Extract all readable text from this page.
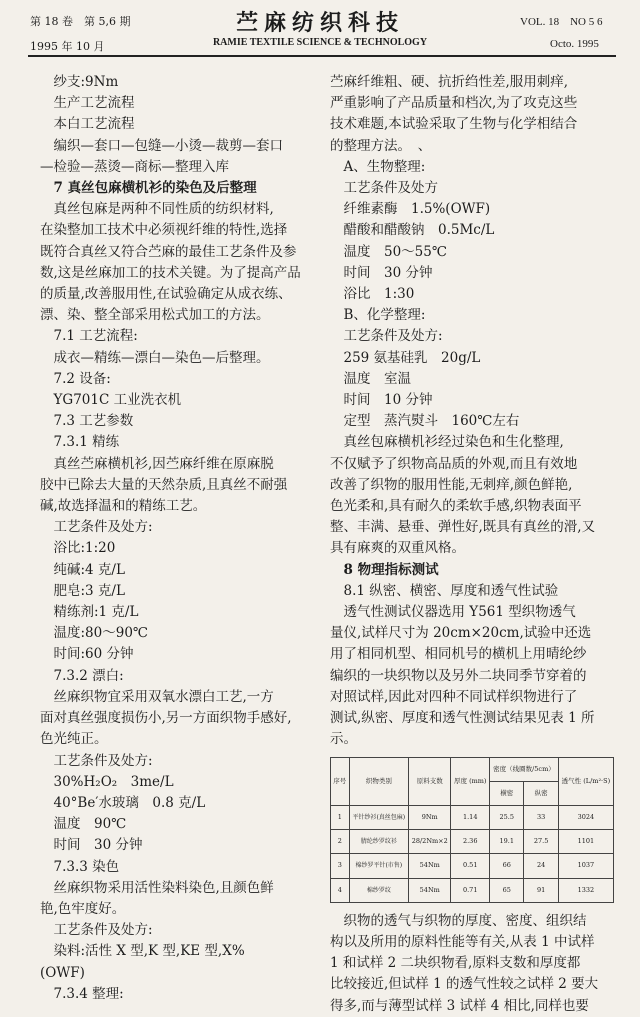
第 18 卷　第 5,6 期
1995 年 10 月
苎麻纺织科技
RAMIE TEXTILE SCIENCE & TECHNOLOGY
VOL. 18　NO 5 6
Octo. 1995

　纱支:9Nm

　生产工艺流程

　本白工艺流程

　编织—套口—包缝—小烫—裁剪—套口

—检验—蒸烫—商标—整理入库

　7 真丝包麻横机衫的染色及后整理

　真丝包麻是两种不同性质的纺织材料,

在染整加工技术中必须视纤维的特性,选择

既符合真丝又符合苎麻的最佳工艺条件及参

数,这是丝麻加工的技术关键。为了提高产品

的质量,改善服用性,在试验确定从成衣练、

漂、染、整全部采用松式加工的方法。

　7.1 工艺流程:

　成衣—精练—漂白—染色—后整理。

　7.2 设备:

　YG701C 工业洗衣机

　7.3 工艺参数

　7.3.1 精练

　真丝苎麻横机衫,因苎麻纤维在原麻脱

胶中已除去大量的天然杂质,且真丝不耐强

碱,故选择温和的精练工艺。

　工艺条件及处方:

　浴比:1:20

　纯碱:4 克/L

　肥皂:3 克/L

　精练剂:1 克/L

　温度:80～90℃

　时间:60 分钟

　7.3.2 漂白:

　丝麻织物宜采用双氧水漂白工艺,一方

面对真丝强度损伤小,另一方面织物手感好,

色光纯正。

　工艺条件及处方:

　30%H₂O₂　3me/L

　40°Be′水玻璃　0.8 克/L

　温度　90℃

　时间　30 分钟

　7.3.3 染色

　丝麻织物采用活性染料染色,且颜色鲜

艳,色牢度好。

　工艺条件及处方:

　染料:活性 X 型,K 型,KE 型,X%

(OWF)

　7.3.4 整理:

苎麻纤维粗、硬、抗折绉性差,服用刺痒,

严重影响了产品质量和档次,为了攻克这些

技术难题,本试验采取了生物与化学相结合

的整理方法。　、

　A、生物整理:

　工艺条件及处方

　纤维素酶　1.5%(OWF)

　醋酸和醋酸钠　0.5Mc/L

　温度　50～55℃

　时间　30 分钟

　浴比　1:30

　B、化学整理:

　工艺条件及处方:

　259 氨基硅乳　20g/L

　温度　室温

　时间　10 分钟

　定型　蒸汽熨斗　160℃左右

　真丝包麻横机衫经过染色和生化整理,

不仅赋予了织物高品质的外观,而且有效地

改善了织物的服用性能,无刺痒,颜色鲜艳,

色光柔和,具有耐久的柔软手感,织物表面平

整、丰满、悬垂、弹性好,既具有真丝的滑,又

具有麻爽的双重风格。

　8 物理指标测试

　8.1 纵密、横密、厚度和透气性试验

　透气性测试仪器选用 Y561 型织物透气

量仪,试样尺寸为 20cm×20cm,试验中还选

用了相同机型、相同机号的横机上用晴纶纱

编织的一块织物以及另外二块同季节穿着的

对照试样,因此对四种不同试样织物进行了

测试,纵密、厚度和透气性测试结果见表 1 所

示。

序号	织物类别	原料支数	厚度 (mm)	密度（线圈数/5cm）		透气性 (L/m²·S)
				横密	纵密	
1	平针纱衫(真丝包麻)	9Nm	1.14	25.5	33	3024
2	腈纶纱罗纹衫	28/2Nm×2	2.36	19.1	27.5	1101
3	棉纱罗平针(市售)	54Nm	0.51	66	24	1037
4	棉纱罗纹	54Nm	0.71	65	91	1332

　织物的透气与织物的厚度、密度、组织结

构以及所用的原料性能等有关,从表 1 中试样

1 和试样 2 二块织物看,原料支数和厚度都

比较接近,但试样 1 的透气性较之试样 2 要大

得多,而与薄型试样 3 试样 4 相比,同样也要
